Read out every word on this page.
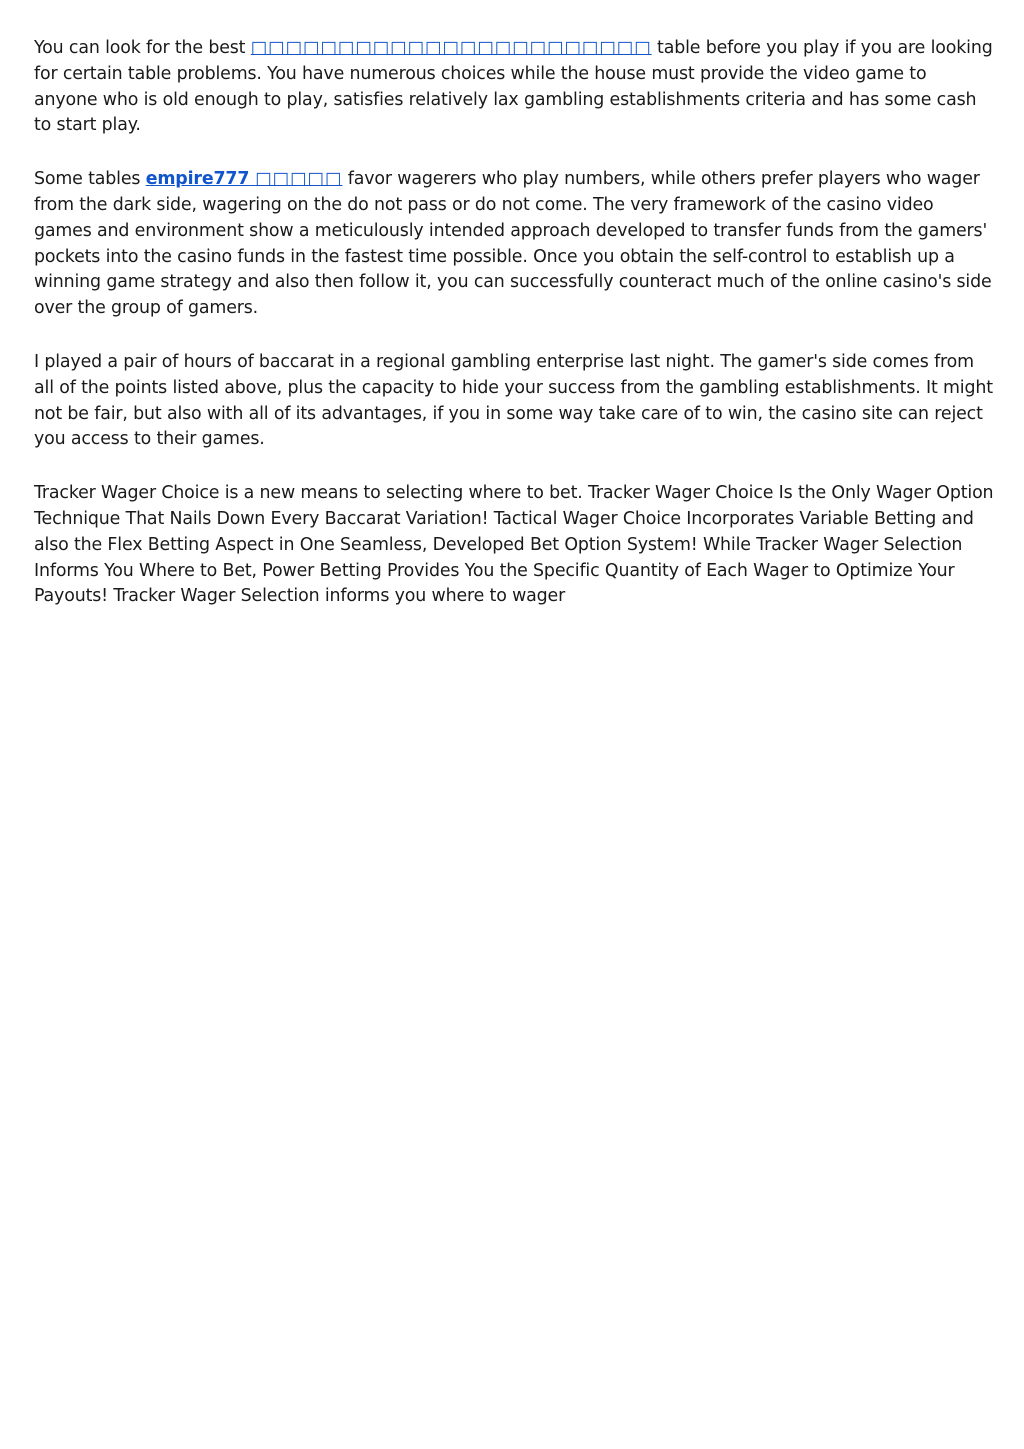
You can look for the best □□□□□□□□□□□□□□□□□□□□□□□ table before you play if you are looking for certain table problems. You have numerous choices while the house must provide the video game to anyone who is old enough to play, satisfies relatively lax gambling establishments criteria and has some cash to start play.

Some tables empire777 □□□□□ favor wagerers who play numbers, while others prefer players who wager from the dark side, wagering on the do not pass or do not come. The very framework of the casino video games and environment show a meticulously intended approach developed to transfer funds from the gamers' pockets into the casino funds in the fastest time possible. Once you obtain the self-control to establish up a winning game strategy and also then follow it, you can successfully counteract much of the online casino's side over the group of gamers.

I played a pair of hours of baccarat in a regional gambling enterprise last night. The gamer's side comes from all of the points listed above, plus the capacity to hide your success from the gambling establishments. It might not be fair, but also with all of its advantages, if you in some way take care of to win, the casino site can reject you access to their games.

Tracker Wager Choice is a new means to selecting where to bet. Tracker Wager Choice Is the Only Wager Option Technique That Nails Down Every Baccarat Variation! Tactical Wager Choice Incorporates Variable Betting and also the Flex Betting Aspect in One Seamless, Developed Bet Option System! While Tracker Wager Selection Informs You Where to Bet, Power Betting Provides You the Specific Quantity of Each Wager to Optimize Your Payouts! Tracker Wager Selection informs you where to wager
